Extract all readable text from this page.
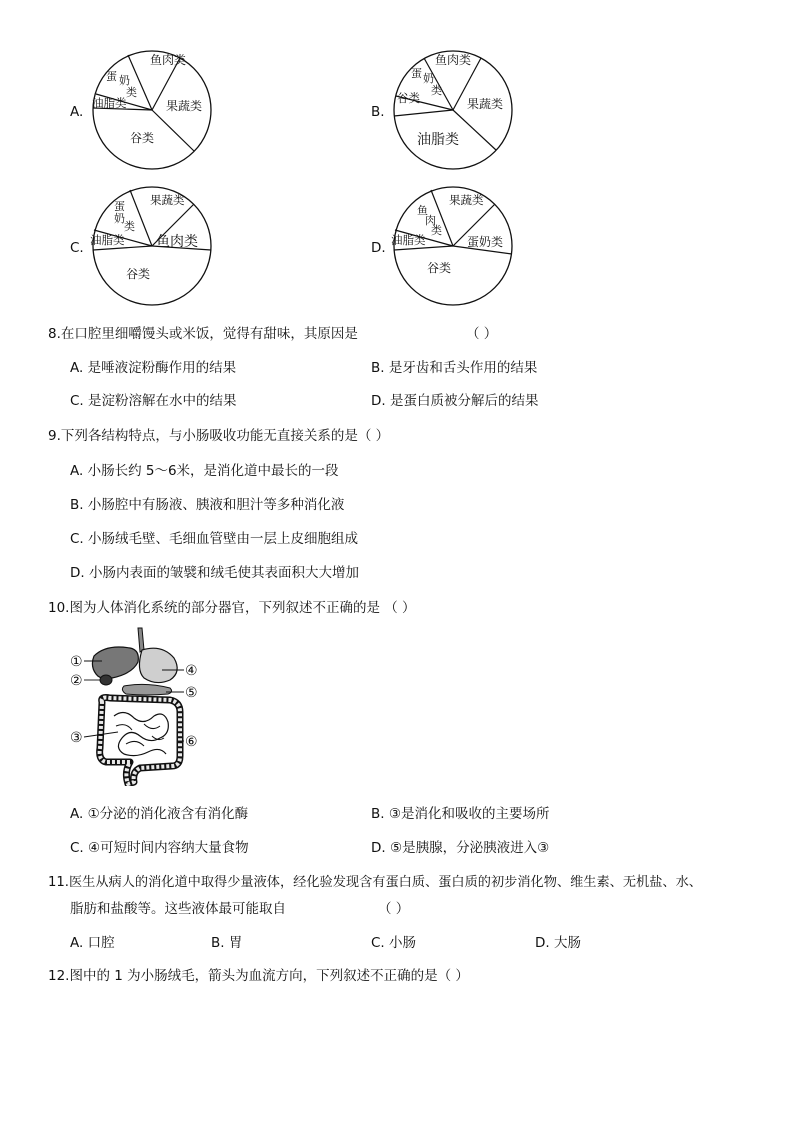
A.
鱼肉类
蛋 奶
类
油脂类	果蔬类
谷类
B.
鱼肉类
蛋 奶
类
谷类	果蔬类
油脂类
C.
果蔬类
蛋
奶
类
油脂类 鱼肉类
谷类
D.
果蔬类
鱼
肉
类
油脂类	蛋奶类
谷类
8.在口腔里细嚼馒头或米饭，觉得有甜味，其原因是	（ ）
A. 是唾液淀粉酶作用的结果	B. 是牙齿和舌头作用的结果
C. 是淀粉溶解在水中的结果	D. 是蛋白质被分解后的结果
9.下列各结构特点，与小肠吸收功能无直接关系的是（ ）
A. 小肠长约 5～6米，是消化道中最长的一段
B. 小肠腔中有肠液、胰液和胆汁等多种消化液
C. 小肠绒毛壁、毛细血管壁由一层上皮细胞组成
D. 小肠内表面的皱襞和绒毛使其表面积大大增加
10.图为人体消化系统的部分器官，下列叙述不正确的是 （ ）
①
②
③
④
⑤
⑥
A. ①分泌的消化液含有消化酶	B. ③是消化和吸收的主要场所
C. ④可短时间内容纳大量食物	D. ⑤是胰腺，分泌胰液进入③
11.医生从病人的消化道中取得少量液体，经化验发现含有蛋白质、蛋白质的初步消化物、维生素、无机盐、水、
脂肪和盐酸等。这些液体最可能取自	（ ）
A. 口腔	B. 胃	C. 小肠	D. 大肠
12.图中的 1 为小肠绒毛，箭头为血流方向，下列叙述不正确的是（ ）
